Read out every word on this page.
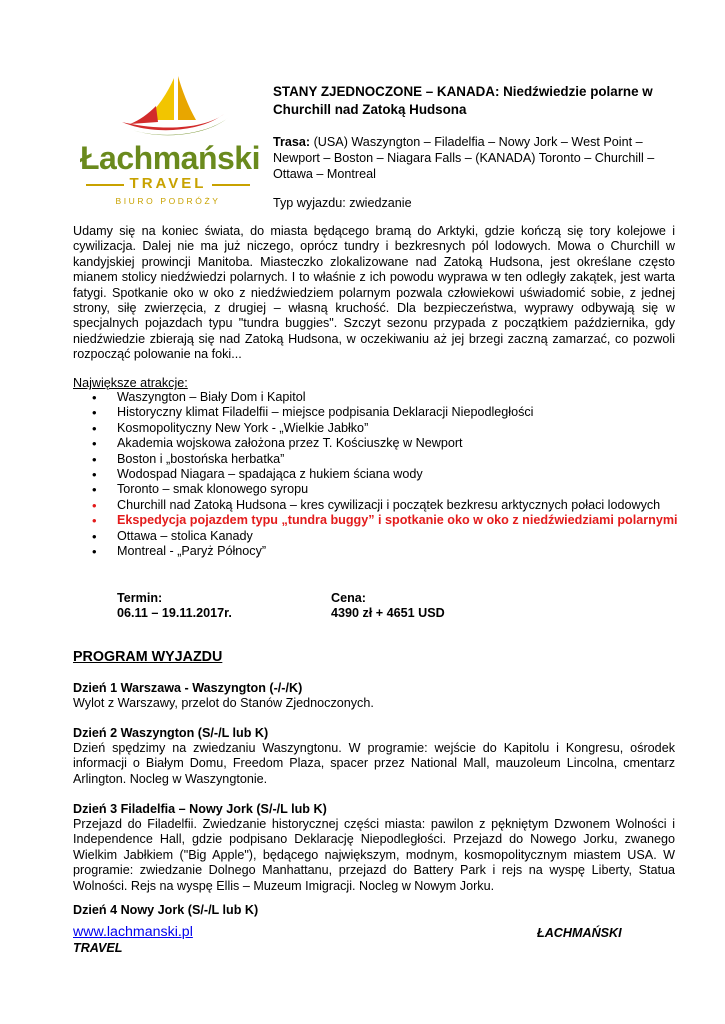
Łachmański
TRAVEL
BIURO PODRÓŻY
STANY ZJEDNOCZONE – KANADA: Niedźwiedzie polarne w Churchill nad Zatoką Hudsona
Trasa: (USA) Waszyngton – Filadelfia – Nowy Jork – West Point – Newport – Boston – Niagara Falls – (KANADA) Toronto – Churchill – Ottawa – Montreal
Typ wyjazdu: zwiedzanie
Udamy się na koniec świata, do miasta będącego bramą do Arktyki, gdzie kończą się tory kolejowe i cywilizacja. Dalej nie ma już niczego, oprócz tundry i bezkresnych pól lodowych. Mowa o Churchill w kandyjskiej prowincji Manitoba. Miasteczko zlokalizowane nad Zatoką Hudsona, jest określane często mianem stolicy niedźwiedzi polarnych. I to właśnie z ich powodu wyprawa w ten odległy zakątek, jest warta fatygi. Spotkanie oko w oko z niedźwiedziem polarnym pozwala człowiekowi uświadomić sobie, z jednej strony, siłę zwierzęcia, z drugiej – własną kruchość. Dla bezpieczeństwa, wyprawy odbywają się w specjalnych pojazdach typu "tundra buggies". Szczyt sezonu przypada z początkiem października, gdy niedźwiedzie zbierają się nad Zatoką Hudsona, w oczekiwaniu aż jej brzegi zaczną zamarzać, co pozwoli rozpocząć polowanie na foki...
Największe atrakcje:
• Waszyngton – Biały Dom i Kapitol
• Historyczny klimat Filadelfii – miejsce podpisania Deklaracji Niepodległości
• Kosmopolityczny New York - „Wielkie Jabłko”
• Akademia wojskowa założona przez T. Kościuszkę w Newport
• Boston i „bostońska herbatka”
• Wodospad Niagara – spadająca z hukiem ściana wody
• Toronto – smak klonowego syropu
• Churchill nad Zatoką Hudsona – kres cywilizacji i początek bezkresu arktycznych połaci lodowych
• Ekspedycja pojazdem typu „tundra buggy” i spotkanie oko w oko z niedźwiedziami polarnymi
• Ottawa – stolica Kanady
• Montreal - „Paryż Północy”
Termin:
06.11 – 19.11.2017r.
Cena:
4390 zł + 4651 USD
PROGRAM WYJAZDU
Dzień 1 Warszawa - Waszyngton (-/-/K)
Wylot z Warszawy, przelot do Stanów Zjednoczonych.
Dzień 2 Waszyngton (S/-/L lub K)
Dzień spędzimy na zwiedzaniu Waszyngtonu. W programie: wejście do Kapitolu i Kongresu, ośrodek informacji o Białym Domu, Freedom Plaza, spacer przez National Mall, mauzoleum Lincolna, cmentarz Arlington. Nocleg w Waszyngtonie.
Dzień 3 Filadelfia – Nowy Jork (S/-/L lub K)
Przejazd do Filadelfii. Zwiedzanie historycznej części miasta: pawilon z pękniętym Dzwonem Wolności i Independence Hall, gdzie podpisano Deklarację Niepodległości. Przejazd do Nowego Jorku, zwanego Wielkim Jabłkiem ("Big Apple"), będącego największym, modnym, kosmopolitycznym miastem USA. W programie: zwiedzanie Dolnego Manhattanu, przejazd do Battery Park i rejs na wyspę Liberty, Statua Wolności. Rejs na wyspę Ellis – Muzeum Imigracji. Nocleg w Nowym Jorku.
Dzień 4 Nowy Jork (S/-/L lub K)
www.lachmanski.pl	ŁACHMAŃSKI
TRAVEL
